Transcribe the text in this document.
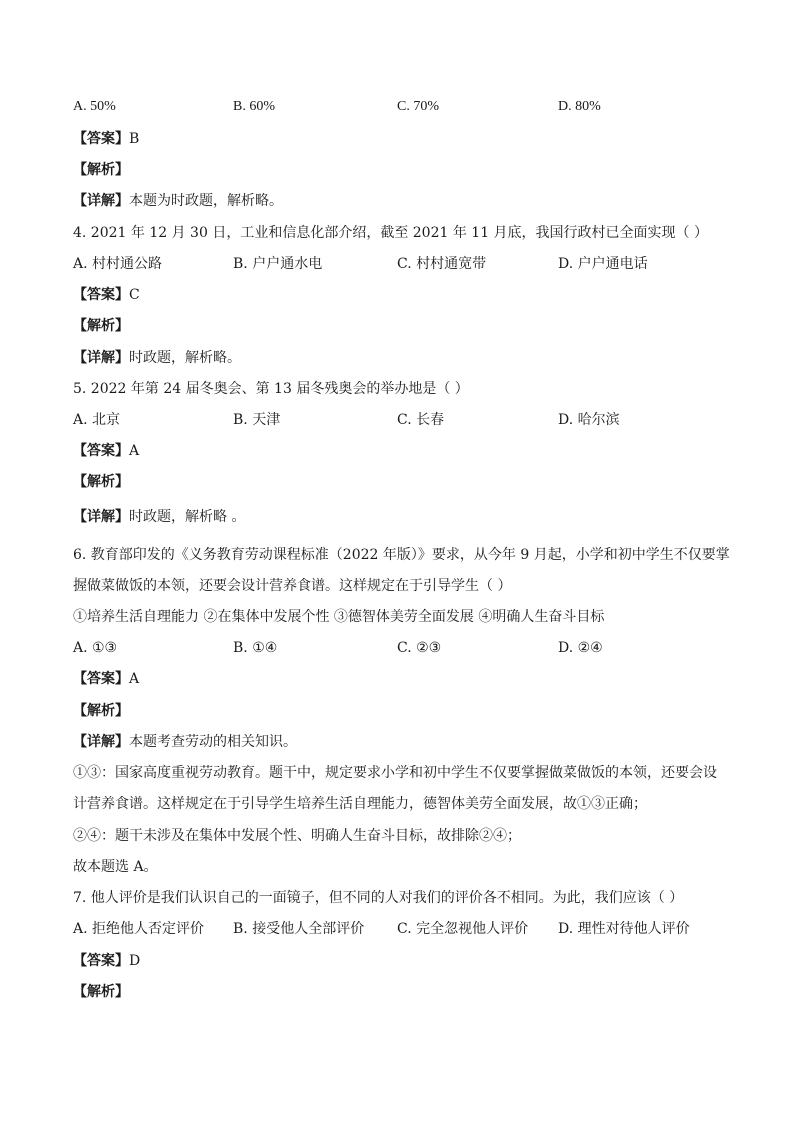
A. 50%	B. 60%	C. 70%	D. 80%
【答案】B
【解析】
【详解】本题为时政题，解析略。
4. 2021 年 12 月 30 日，工业和信息化部介绍，截至 2021 年 11 月底，我国行政村已全面实现（ ）
A. 村村通公路	B. 户户通水电	C. 村村通宽带	D. 户户通电话
【答案】C
【解析】
【详解】时政题，解析略。
5. 2022 年第 24 届冬奥会、第 13 届冬残奥会的举办地是（ ）
A. 北京	B. 天津	C. 长春	D. 哈尔滨
【答案】A
【解析】
【详解】时政题，解析略 。
6. 教育部印发的《义务教育劳动课程标准（2022 年版）》要求，从今年 9 月起，小学和初中学生不仅要掌
握做菜做饭的本领，还要会设计营养食谱。这样规定在于引导学生（ ）
①培养生活自理能力 ②在集体中发展个性 ③德智体美劳全面发展 ④明确人生奋斗目标
A. ①③	B. ①④	C. ②③	D. ②④
【答案】A
【解析】
【详解】本题考查劳动的相关知识。
①③：国家高度重视劳动教育。题干中，规定要求小学和初中学生不仅要掌握做菜做饭的本领，还要会设
计营养食谱。这样规定在于引导学生培养生活自理能力，德智体美劳全面发展，故①③正确；
②④：题干未涉及在集体中发展个性、明确人生奋斗目标，故排除②④；
故本题选 A。
7. 他人评价是我们认识自己的一面镜子，但不同的人对我们的评价各不相同。为此，我们应该（ ）
A. 拒绝他人否定评价 B. 接受他人全部评价 C. 完全忽视他人评价 D. 理性对待他人评价
【答案】D
【解析】
